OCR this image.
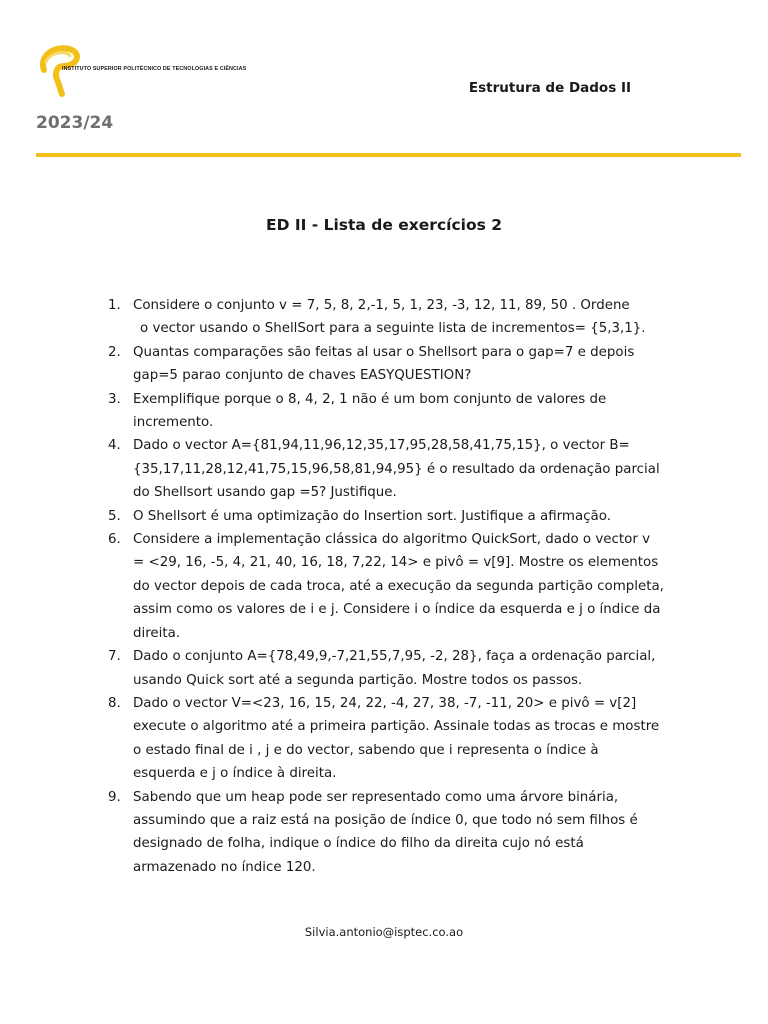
INSTITUTO SUPERIOR POLITÉCNICO DE TECNOLOGIAS E CIÊNCIAS
Estrutura de Dados II
2023/24
ED II - Lista de exercícios 2
1. Considere o conjunto v = 7, 5, 8, 2,-1, 5, 1, 23, -3, 12, 11, 89, 50 . Ordene
o vector usando o ShellSort para a seguinte lista de incrementos= {5,3,1}.
2. Quantas comparações são feitas al usar o Shellsort para o gap=7 e depois gap=5 parao conjunto de chaves EASYQUESTION?
3. Exemplifique porque o 8, 4, 2, 1 não é um bom conjunto de valores de incremento.
4. Dado o vector A={81,94,11,96,12,35,17,95,28,58,41,75,15}, o vector B={35,17,11,28,12,41,75,15,96,58,81,94,95} é o resultado da ordenação parcial do Shellsort usando gap =5? Justifique.
5. O Shellsort é uma optimização do Insertion sort. Justifique a afirmação.
6. Considere a implementação clássica do algoritmo QuickSort, dado o vector v = <29, 16, -5, 4, 21, 40, 16, 18, 7,22, 14> e pivô = v[9]. Mostre os elementos do vector depois de cada troca, até a execução da segunda partição completa, assim como os valores de i e j. Considere i o índice da esquerda e j o índice da direita.
7. Dado o conjunto A={78,49,9,-7,21,55,7,95, -2, 28}, faça a ordenação parcial, usando Quick sort até a segunda partição. Mostre todos os passos.
8. Dado o vector V=<23, 16, 15, 24, 22, -4, 27, 38, -7, -11, 20> e pivô = v[2] execute o algoritmo até a primeira partição. Assinale todas as trocas e mostre o estado final de i , j e do vector, sabendo que i representa o índice à esquerda e j o índice à direita.
9. Sabendo que um heap pode ser representado como uma árvore binária, assumindo que a raiz está na posição de índice 0, que todo nó sem filhos é designado de folha, indique o índice do filho da direita cujo nó está armazenado no índice 120.
Silvia.antonio@isptec.co.ao
